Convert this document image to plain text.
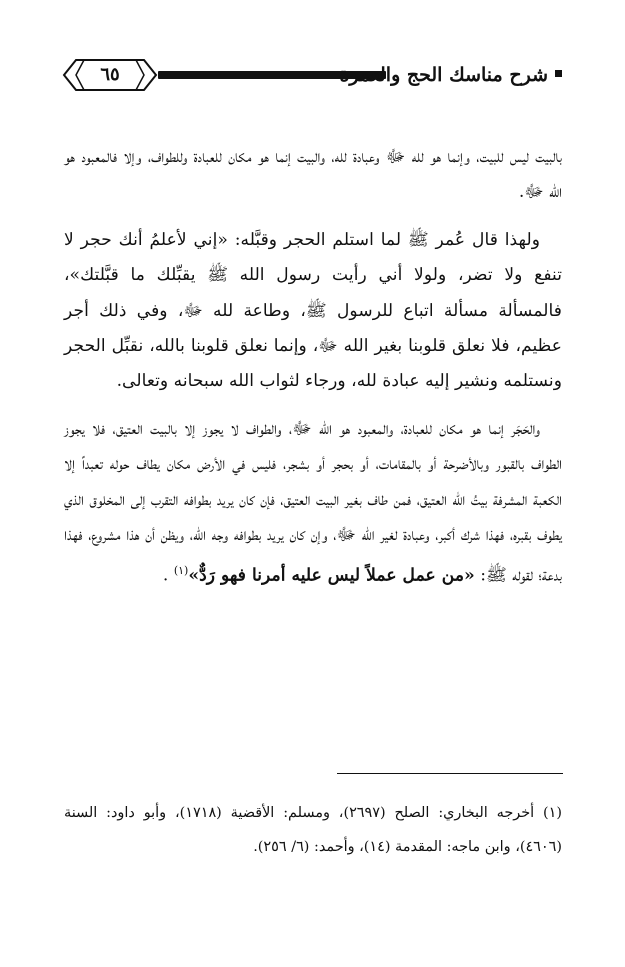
٦٥	شرح مناسك الحج والعمرة

بالبيت ليس للبيت، وإنما هو لله ﷻ وعبادة لله، والبيت إنما هو مكان للعبادة وللطواف، وإلا فالمعبود هو الله ﷻ.

ولهذا قال عُمر ﷺ لما استلم الحجر وقبَّله: «إني لأعلمُ أنك حجر لا تنفع ولا تضر، ولولا أني رأيت رسول الله ﷺ يقبِّلك ما قبَّلتك»، فالمسألة مسألة اتباع للرسول ﷺ، وطاعة لله ﷻ، وفي ذلك أجر عظيم، فلا نعلق قلوبنا بغير الله ﷻ، وإنما نعلق قلوبنا بالله، نقبِّل الحجر ونستلمه ونشير إليه عبادة لله، ورجاء لثواب الله سبحانه وتعالى.

والحَجَر إنما هو مكان للعبادة، والمعبود هو الله ﷻ، والطواف لا يجوز إلا بالبيت العتيق، فلا يجوز الطواف بالقبور وبالأضرحة أو بالمقامات، أو بحجر أو بشجر، فليس في الأرض مكان يطاف حوله تعبداً إلا الكعبة المشرفة بيتُ الله العتيق، فمن طاف بغير البيت العتيق، فإن كان يريد بطوافه التقرب إلى المخلوق الذي يطوف بقبره، فهذا شرك أكبر، وعبادة لغير الله ﷻ، وإن كان يريد بطوافه وجه الله، ويظن أن هذا مشروع، فهذا بدعة؛ لقوله ﷺ: «من عمل عملاً ليس عليه أمرنا فهو رَدٌّ»$^{(١)}$ .

(١) أخرجه البخاري: الصلح (٢٦٩٧)، ومسلم: الأقضية (١٧١٨)، وأبو داود: السنة (٤٦٠٦)، وابن ماجه: المقدمة (١٤)، وأحمد: (٦/ ٢٥٦).
